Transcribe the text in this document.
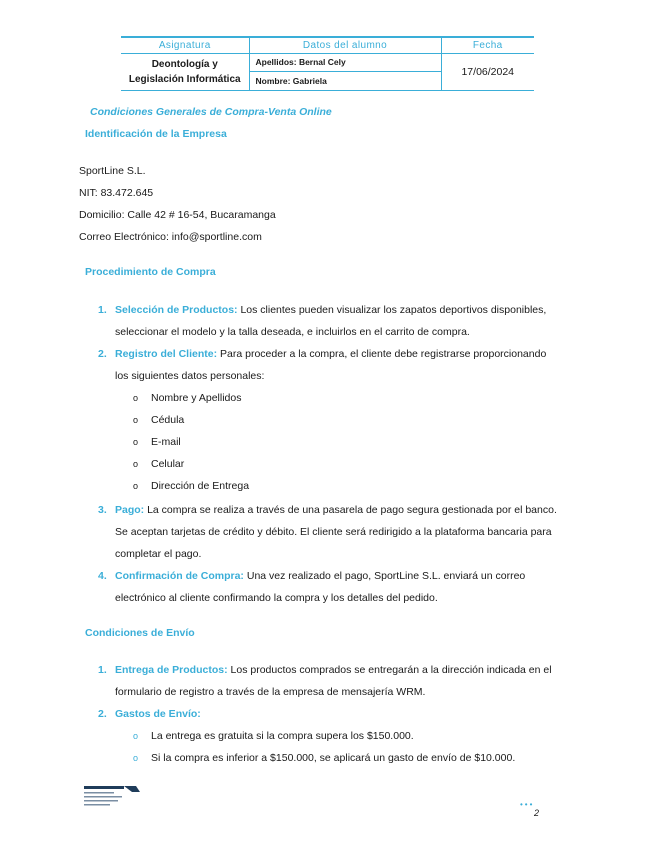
Asignatura	Datos del alumno	Fecha
Deontología y
Legislación Informática	Apellidos: Bernal Cely	17/06/2024
	Nombre: Gabriela	
Condiciones Generales de Compra-Venta Online
Identificación de la Empresa
SportLine S.L.
NIT: 83.472.645
Domicilio: Calle 42 # 16-54, Bucaramanga
Correo Electrónico: info@sportline.com
Procedimiento de Compra
1. Selección de Productos: Los clientes pueden visualizar los zapatos deportivos disponibles,
seleccionar el modelo y la talla deseada, e incluirlos en el carrito de compra.
2. Registro del Cliente: Para proceder a la compra, el cliente debe registrarse proporcionando
los siguientes datos personales:
o Nombre y Apellidos
o Cédula
o E-mail
o Celular
o Dirección de Entrega
3. Pago: La compra se realiza a través de una pasarela de pago segura gestionada por el banco.
Se aceptan tarjetas de crédito y débito. El cliente será redirigido a la plataforma bancaria para
completar el pago.
4. Confirmación de Compra: Una vez realizado el pago, SportLine S.L. enviará un correo
electrónico al cliente confirmando la compra y los detalles del pedido.
Condiciones de Envío
1. Entrega de Productos: Los productos comprados se entregarán a la dirección indicada en el
formulario de registro a través de la empresa de mensajería WRM.
2. Gastos de Envío:
o La entrega es gratuita si la compra supera los $150.000.
o Si la compra es inferior a $150.000, se aplicará un gasto de envío de $10.000.
•••
2
